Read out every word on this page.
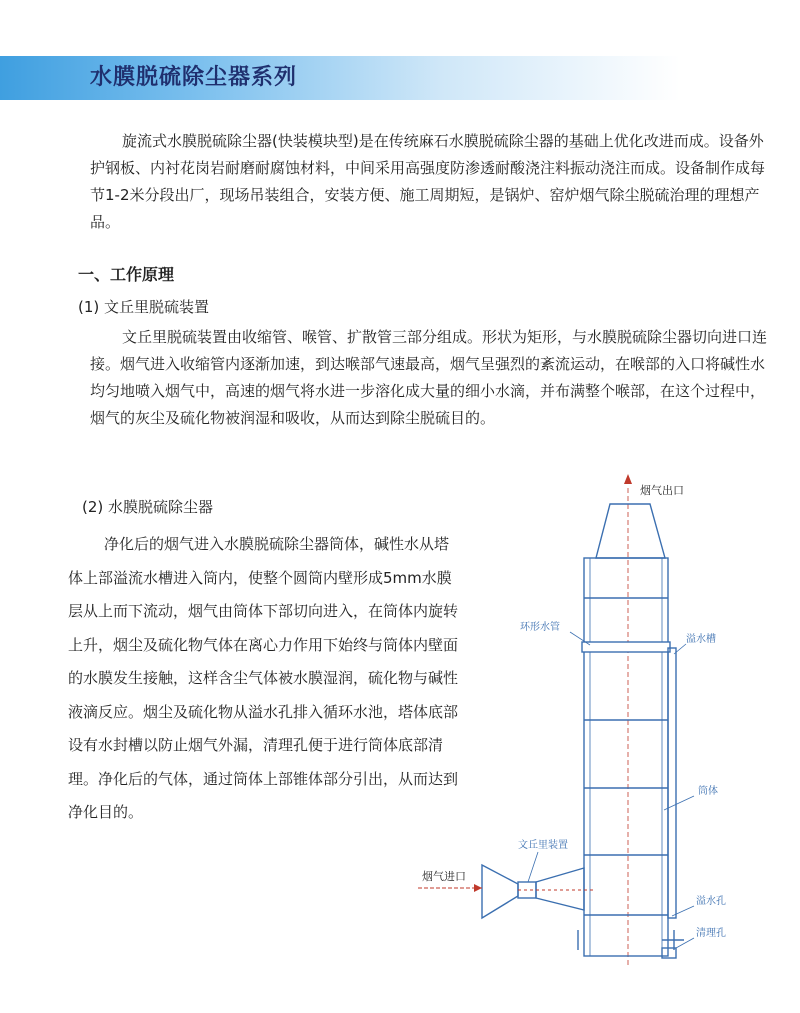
水膜脱硫除尘器系列

旋流式水膜脱硫除尘器(快装模块型)是在传统麻石水膜脱硫除尘器的基础上优化改进而成。设备外护钢板、内衬花岗岩耐磨耐腐蚀材料，中间采用高强度防渗透耐酸浇注料振动浇注而成。设备制作成每节1-2米分段出厂，现场吊装组合，安装方便、施工周期短，是锅炉、窑炉烟气除尘脱硫治理的理想产品。

一、工作原理
(1) 文丘里脱硫装置

文丘里脱硫装置由收缩管、喉管、扩散管三部分组成。形状为矩形，与水膜脱硫除尘器切向进口连接。烟气进入收缩管内逐渐加速，到达喉部气速最高，烟气呈强烈的紊流运动，在喉部的入口将碱性水均匀地喷入烟气中，高速的烟气将水进一步溶化成大量的细小水滴，并布满整个喉部，在这个过程中，烟气的灰尘及硫化物被润湿和吸收，从而达到除尘脱硫目的。

(2) 水膜脱硫除尘器

净化后的烟气进入水膜脱硫除尘器筒体，碱性水从塔体上部溢流水槽进入筒内，使整个圆筒内壁形成5mm水膜层从上而下流动，烟气由筒体下部切向进入，在筒体内旋转上升，烟尘及硫化物气体在离心力作用下始终与筒体内壁面的水膜发生接触，这样含尘气体被水膜湿润，硫化物与碱性液滴反应。烟尘及硫化物从溢水孔排入循环水池，塔体底部设有水封槽以防止烟气外漏，清理孔便于进行筒体底部清理。净化后的气体，通过筒体上部锥体部分引出，从而达到净化目的。

烟气出口
环形水管
溢水槽
筒体
文丘里装置
烟气进口
溢水孔
清理孔
